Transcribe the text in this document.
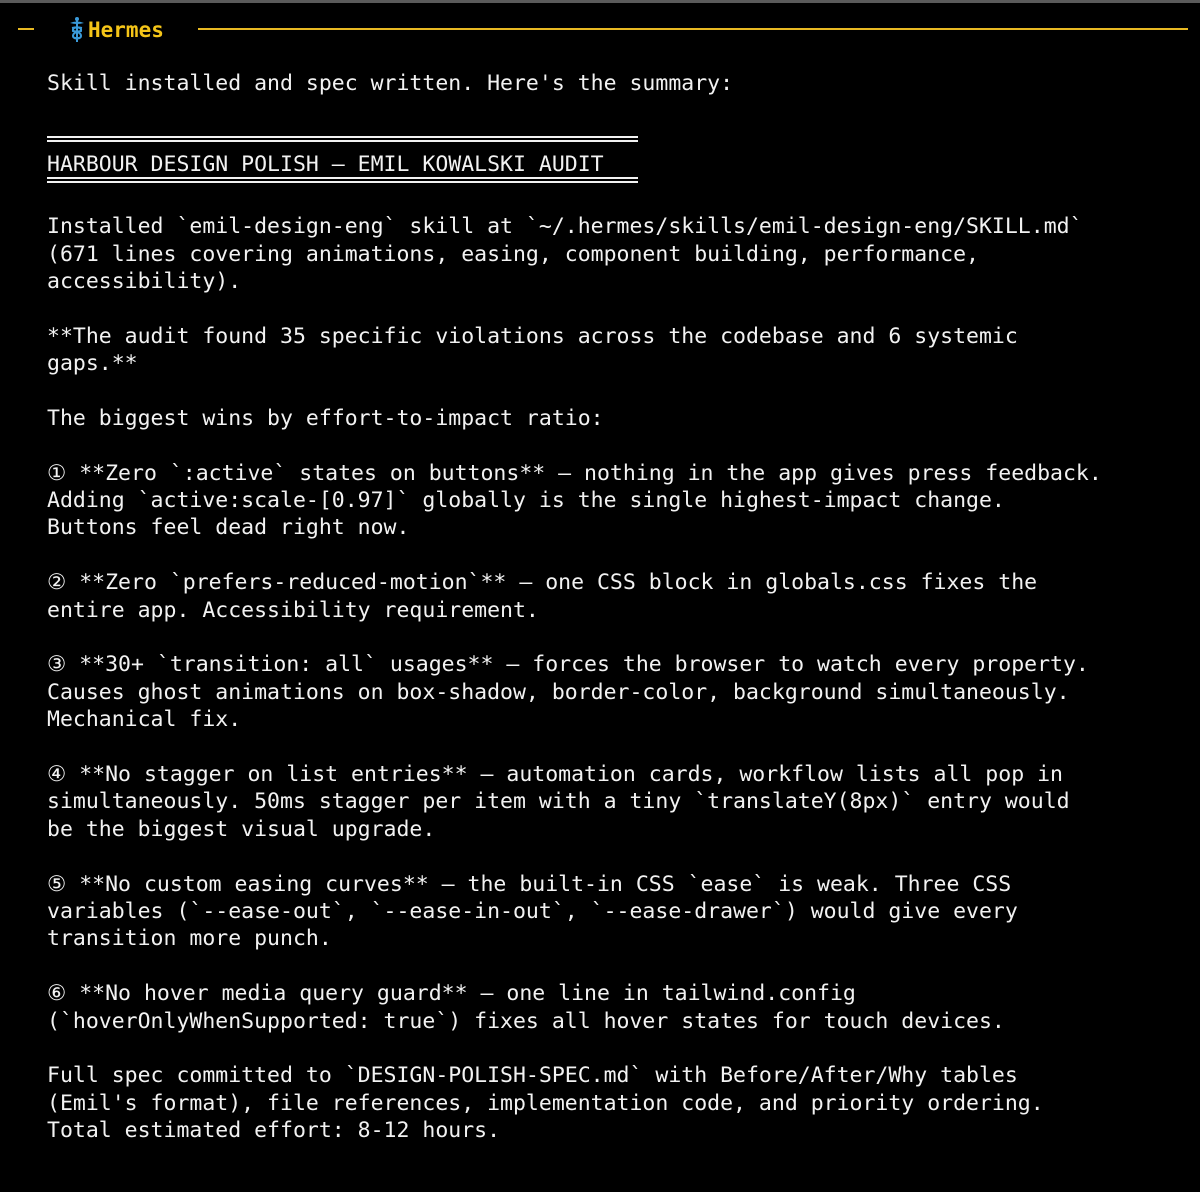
Hermes
Skill installed and spec written. Here's the summary:
HARBOUR DESIGN POLISH — EMIL KOWALSKI AUDIT
Installed `emil-design-eng` skill at `~/.hermes/skills/emil-design-eng/SKILL.md`
(671 lines covering animations, easing, component building, performance,
accessibility).
**The audit found 35 specific violations across the codebase and 6 systemic
gaps.**
The biggest wins by effort-to-impact ratio:
① **Zero `:active` states on buttons** — nothing in the app gives press feedback.
Adding `active:scale-[0.97]` globally is the single highest-impact change.
Buttons feel dead right now.
② **Zero `prefers-reduced-motion`** — one CSS block in globals.css fixes the
entire app. Accessibility requirement.
③ **30+ `transition: all` usages** — forces the browser to watch every property.
Causes ghost animations on box-shadow, border-color, background simultaneously.
Mechanical fix.
④ **No stagger on list entries** — automation cards, workflow lists all pop in
simultaneously. 50ms stagger per item with a tiny `translateY(8px)` entry would
be the biggest visual upgrade.
⑤ **No custom easing curves** — the built-in CSS `ease` is weak. Three CSS
variables (`--ease-out`, `--ease-in-out`, `--ease-drawer`) would give every
transition more punch.
⑥ **No hover media query guard** — one line in tailwind.config
(`hoverOnlyWhenSupported: true`) fixes all hover states for touch devices.
Full spec committed to `DESIGN-POLISH-SPEC.md` with Before/After/Why tables
(Emil's format), file references, implementation code, and priority ordering.
Total estimated effort: 8-12 hours.
